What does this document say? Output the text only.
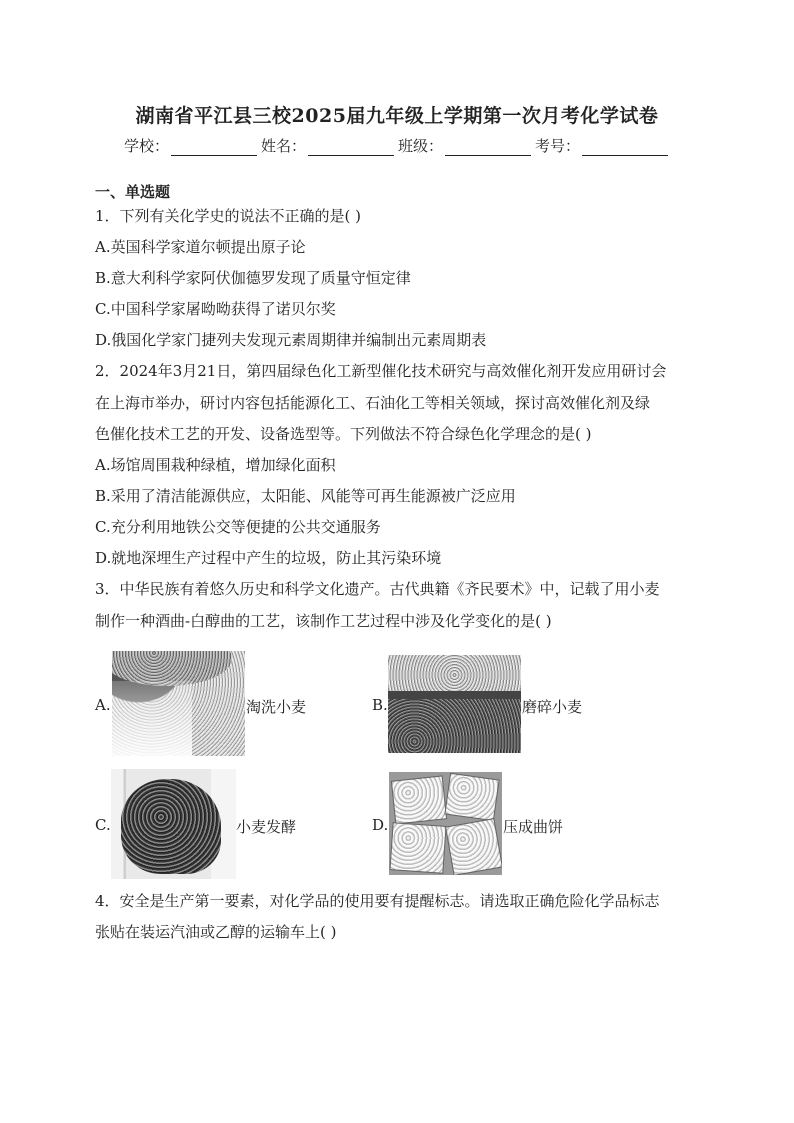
湖南省平江县三校2025届九年级上学期第一次月考化学试卷
学校：	姓名：	班级：	考号：
一、单选题
1．下列有关化学史的说法不正确的是( )
A.英国科学家道尔顿提出原子论
B.意大利科学家阿伏伽德罗发现了质量守恒定律
C.中国科学家屠呦呦获得了诺贝尔奖
D.俄国化学家门捷列夫发现元素周期律并编制出元素周期表
2．2024年3月21日，第四届绿色化工新型催化技术研究与高效催化剂开发应用研讨会
在上海市举办，研讨内容包括能源化工、石油化工等相关领域，探讨高效催化剂及绿
色催化技术工艺的开发、设备选型等。下列做法不符合绿色化学理念的是( )
A.场馆周围栽种绿植，增加绿化面积
B.采用了清洁能源供应，太阳能、风能等可再生能源被广泛应用
C.充分利用地铁公交等便捷的公共交通服务
D.就地深埋生产过程中产生的垃圾，防止其污染环境
3．中华民族有着悠久历史和科学文化遗产。古代典籍《齐民要术》中，记载了用小麦
制作一种酒曲-白醇曲的工艺，该制作工艺过程中涉及化学变化的是( )
A.	淘洗小麦	B.	磨碎小麦
C.	小麦发酵	D.	压成曲饼
4．安全是生产第一要素，对化学品的使用要有提醒标志。请选取正确危险化学品标志
张贴在装运汽油或乙醇的运输车上( )
